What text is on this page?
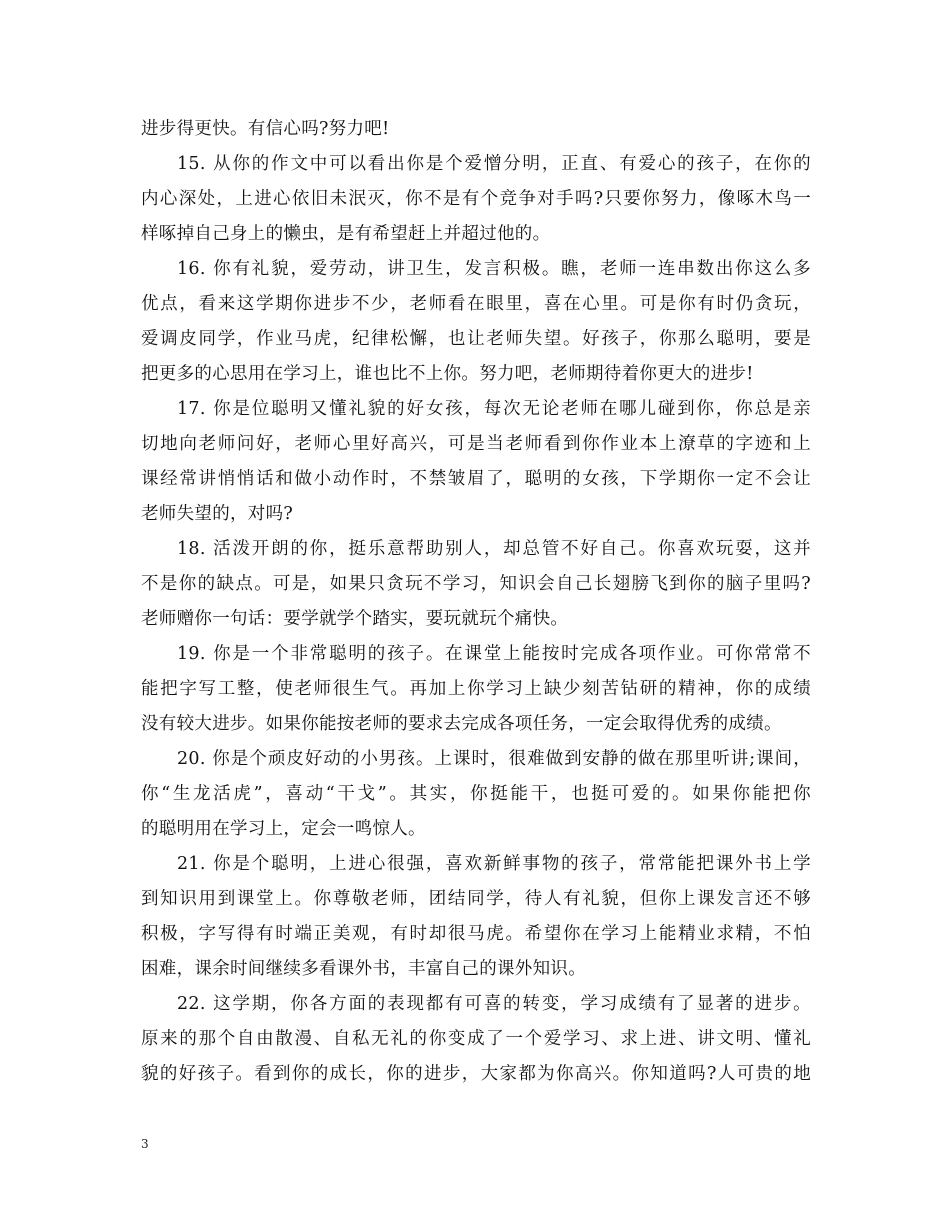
进步得更快。有信心吗?努力吧!
15. 从你的作文中可以看出你是个爱憎分明，正直、有爱心的孩子，在你的
内心深处，上进心依旧未泯灭，你不是有个竞争对手吗?只要你努力，像啄木鸟一
样啄掉自己身上的懒虫，是有希望赶上并超过他的。
16. 你有礼貌，爱劳动，讲卫生，发言积极。瞧，老师一连串数出你这么多
优点，看来这学期你进步不少，老师看在眼里，喜在心里。可是你有时仍贪玩，
爱调皮同学，作业马虎，纪律松懈，也让老师失望。好孩子，你那么聪明，要是
把更多的心思用在学习上，谁也比不上你。努力吧，老师期待着你更大的进步!
17. 你是位聪明又懂礼貌的好女孩，每次无论老师在哪儿碰到你，你总是亲
切地向老师问好，老师心里好高兴，可是当老师看到你作业本上潦草的字迹和上
课经常讲悄悄话和做小动作时，不禁皱眉了，聪明的女孩，下学期你一定不会让
老师失望的，对吗?
18. 活泼开朗的你，挺乐意帮助别人，却总管不好自己。你喜欢玩耍，这并
不是你的缺点。可是，如果只贪玩不学习，知识会自己长翅膀飞到你的脑子里吗?
老师赠你一句话：要学就学个踏实，要玩就玩个痛快。
19. 你是一个非常聪明的孩子。在课堂上能按时完成各项作业。可你常常不
能把字写工整，使老师很生气。再加上你学习上缺少刻苦钻研的精神，你的成绩
没有较大进步。如果你能按老师的要求去完成各项任务，一定会取得优秀的成绩。
20. 你是个顽皮好动的小男孩。上课时，很难做到安静的做在那里听讲;课间，
你“生龙活虎”，喜动“干戈”。其实，你挺能干，也挺可爱的。如果你能把你
的聪明用在学习上，定会一鸣惊人。
21. 你是个聪明，上进心很强，喜欢新鲜事物的孩子，常常能把课外书上学
到知识用到课堂上。你尊敬老师，团结同学，待人有礼貌，但你上课发言还不够
积极，字写得有时端正美观，有时却很马虎。希望你在学习上能精业求精，不怕
困难，课余时间继续多看课外书，丰富自己的课外知识。
22. 这学期，你各方面的表现都有可喜的转变，学习成绩有了显著的进步。
原来的那个自由散漫、自私无礼的你变成了一个爱学习、求上进、讲文明、懂礼
貌的好孩子。看到你的成长，你的进步，大家都为你高兴。你知道吗?人可贵的地
3
